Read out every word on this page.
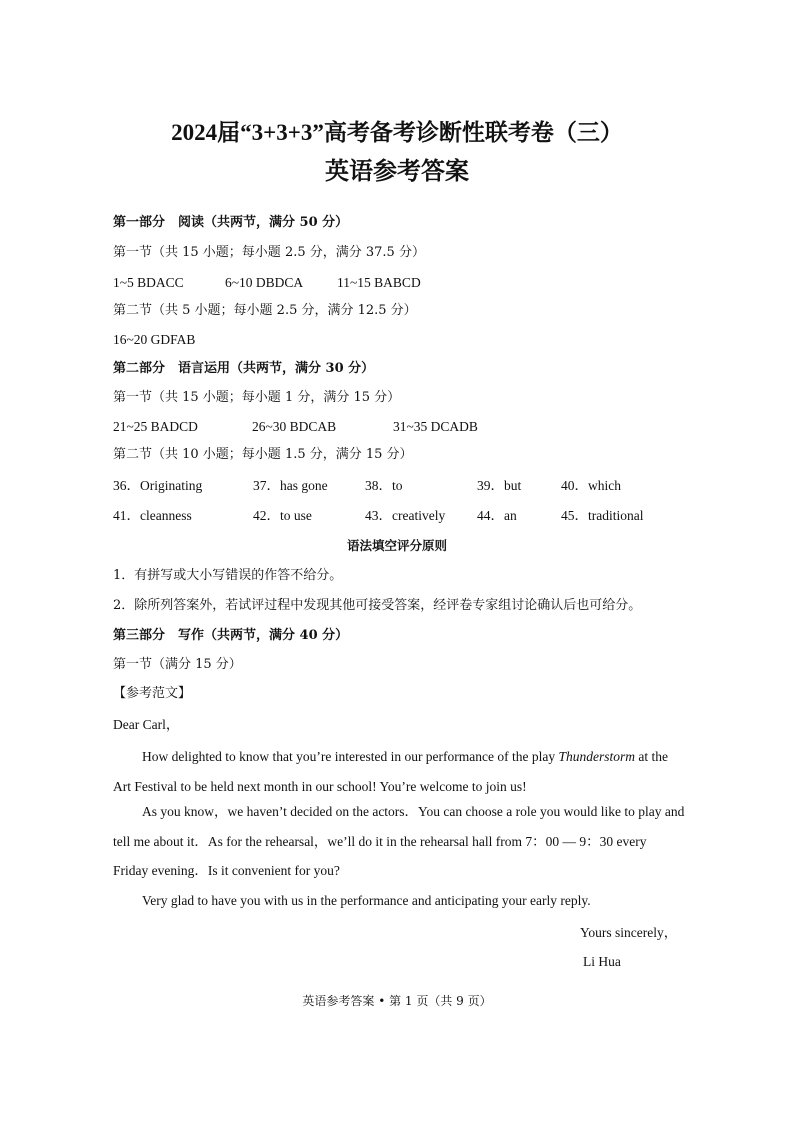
2024届“3+3+3”高考备考诊断性联考卷（三）
英语参考答案
第一部分　阅读（共两节，满分 50 分）
第一节（共 15 小题；每小题 2.5 分，满分 37.5 分）
1~5 BDACC	6~10 DBDCA	11~15 BABCD
第二节（共 5 小题；每小题 2.5 分，满分 12.5 分）
16~20 GDFAB
第二部分　语言运用（共两节，满分 30 分）
第一节（共 15 小题；每小题 1 分，满分 15 分）
21~25 BADCD	26~30 BDCAB	31~35 DCADB
第二节（共 10 小题；每小题 1.5 分，满分 15 分）
36．Originating	37．has gone	38．to	39．but	40．which
41．cleanness	42．to use	43．creatively 44．an	45．traditional
语法填空评分原则
1．有拼写或大小写错误的作答不给分。
2．除所列答案外，若试评过程中发现其他可接受答案，经评卷专家组讨论确认后也可给分。
第三部分　写作（共两节，满分 40 分）
第一节（满分 15 分）
【参考范文】
Dear Carl，
How delighted to know that you’re interested in our performance of the play Thunderstorm at the Art Festival to be held next month in our school! You’re welcome to join us!
As you know，we haven’t decided on the actors．You can choose a role you would like to play and tell me about it．As for the rehearsal，we’ll do it in the rehearsal hall from 7：00 — 9：30 every Friday evening．Is it convenient for you?
Very glad to have you with us in the performance and anticipating your early reply.
Yours sincerely，
Li Hua
英语参考答案 • 第 1 页（共 9 页）
